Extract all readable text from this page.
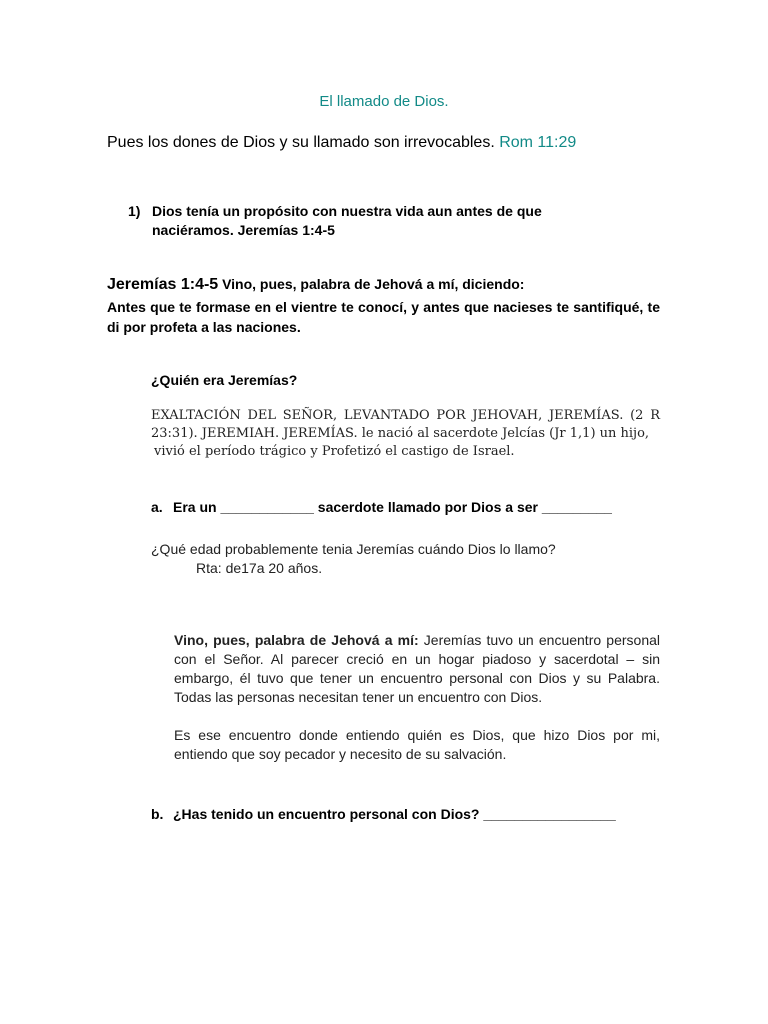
El llamado de Dios.
Pues los dones de Dios y su llamado son irrevocables. Rom 11:29
1) Dios tenía un propósito con nuestra vida aun antes de que naciéramos. Jeremías 1:4-5
Jeremías 1:4-5 Vino, pues, palabra de Jehová a mí, diciendo:
Antes que te formase en el vientre te conocí, y antes que nacieses te santifiqué, te di por profeta a las naciones.
¿Quién era Jeremías?
EXALTACIÓN DEL SEÑOR, LEVANTADO POR JEHOVAH, JEREMÍAS. (2 R 23:31). JEREMIAH. JEREMÍAS. le nació al sacerdote Jelcías (Jr 1,1) un hijo,
vivió el período trágico y Profetizó el castigo de Israel.
a. Era un ____________ sacerdote llamado por Dios a ser _________
¿Qué edad probablemente tenia Jeremías cuándo Dios lo llamo?
Rta: de17a 20 años.

Vino, pues, palabra de Jehová a mí: Jeremías tuvo un encuentro personal con el Señor. Al parecer creció en un hogar piadoso y sacerdotal – sin embargo, él tuvo que tener un encuentro personal con Dios y su Palabra. Todas las personas necesitan tener un encuentro con Dios.

Es ese encuentro donde entiendo quién es Dios, que hizo Dios por mi, entiendo que soy pecador y necesito de su salvación.

b. ¿Has tenido un encuentro personal con Dios? _________________
